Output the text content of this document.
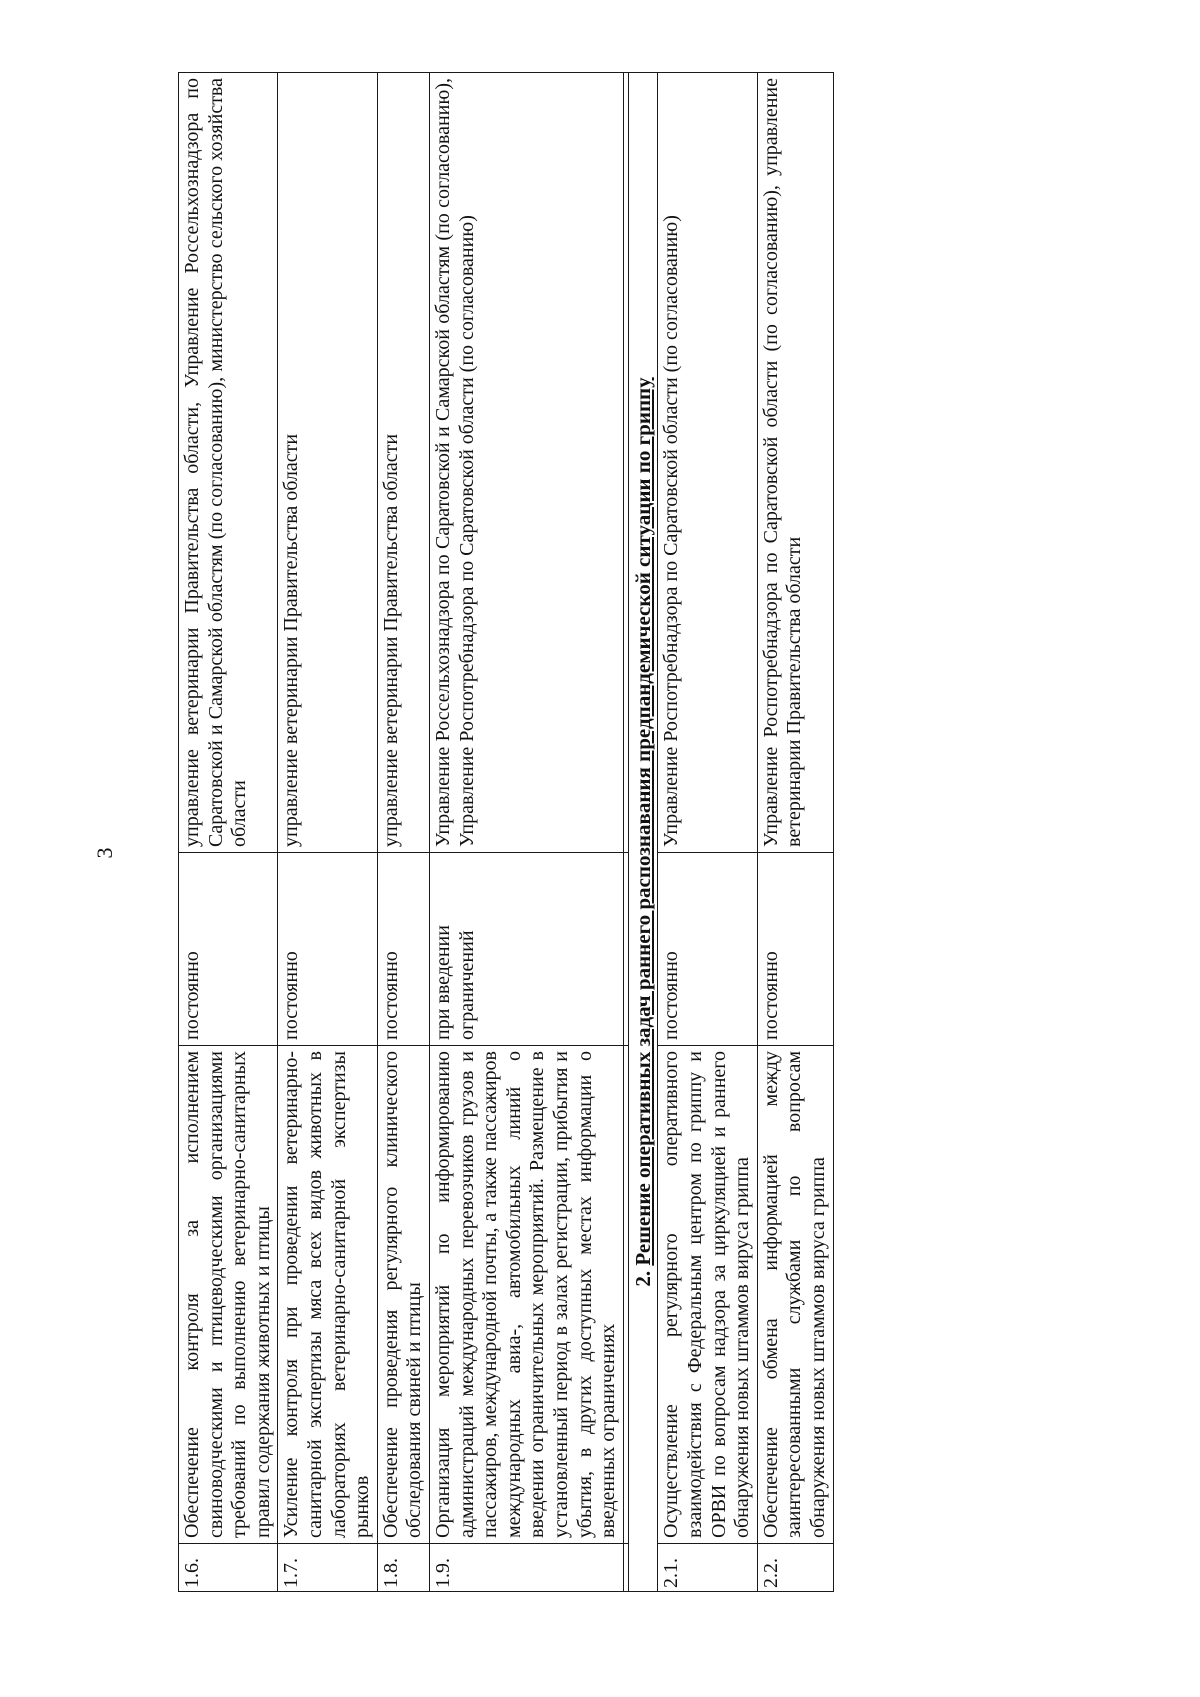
3
1.6.	Обеспечение контроля за исполнением свиноводческими и птицеводческими организациями требований по выполнению ветеринарно-санитарных правил содержания животных и птицы	постоянно	управление ветеринарии Правительства области, Управление Россельхознадзора по Саратовской и Самарской областям (по согласованию), министерство сельского хозяйства области
1.7.	Усиление контроля при проведении ветеринарно-санитарной экспертизы мяса всех видов животных в лабораториях ветеринарно-санитарной экспертизы рынков	постоянно	управление ветеринарии Правительства области
1.8.	Обеспечение проведения регулярного клинического обследования свиней и птицы	постоянно	управление ветеринарии Правительства области
1.9.	Организация мероприятий по информированию администраций международных перевозчиков грузов и пассажиров, международной почты, а также пассажиров международных авиа-, автомобильных линий о введении ограничительных мероприятий. Размещение в установленный период в залах регистрации, прибытия и убытия, в других доступных местах информации о введенных ограничениях	при введении ограничений	Управление Россельхознадзора по Саратовской и Самарской областям (по согласованию), Управление Роспотребнадзора по Саратовской области (по согласованию)

2. Решение оперативных задач раннего распознавания предпандемической ситуации по гриппу			
2.1.	Осуществление регулярного оперативного взаимодействия с Федеральным центром по гриппу и ОРВИ по вопросам надзора за циркуляцией и раннего обнаружения новых штаммов вируса гриппа	постоянно	Управление Роспотребнадзора по Саратовской области (по согласованию)
2.2.	Обеспечение обмена информацией между заинтересованными службами по вопросам обнаружения новых штаммов вируса гриппа	постоянно	Управление Роспотребнадзора по Саратовской области (по согласованию), управление ветеринарии Правительства области
